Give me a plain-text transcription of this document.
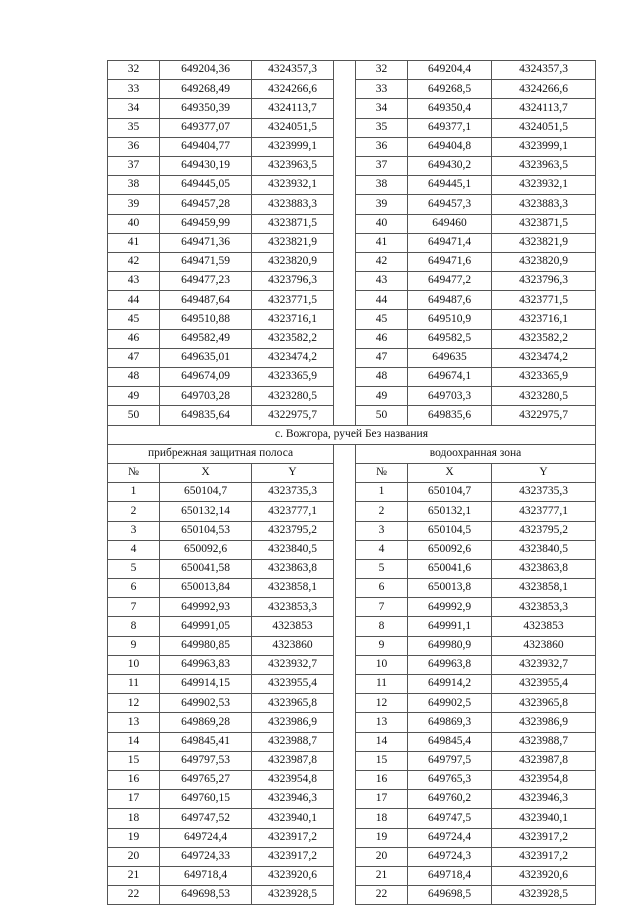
32	649204,36	4324357,3		32	649204,4	4324357,3
33	649268,49	4324266,6		33	649268,5	4324266,6
34	649350,39	4324113,7		34	649350,4	4324113,7
35	649377,07	4324051,5		35	649377,1	4324051,5
36	649404,77	4323999,1		36	649404,8	4323999,1
37	649430,19	4323963,5		37	649430,2	4323963,5
38	649445,05	4323932,1		38	649445,1	4323932,1
39	649457,28	4323883,3		39	649457,3	4323883,3
40	649459,99	4323871,5		40	649460	4323871,5
41	649471,36	4323821,9		41	649471,4	4323821,9
42	649471,59	4323820,9		42	649471,6	4323820,9
43	649477,23	4323796,3		43	649477,2	4323796,3
44	649487,64	4323771,5		44	649487,6	4323771,5
45	649510,88	4323716,1		45	649510,9	4323716,1
46	649582,49	4323582,2		46	649582,5	4323582,2
47	649635,01	4323474,2		47	649635	4323474,2
48	649674,09	4323365,9		48	649674,1	4323365,9
49	649703,28	4323280,5		49	649703,3	4323280,5
50	649835,64	4322975,7		50	649835,6	4322975,7
с. Вожгора, ручей Без названия						
прибрежная защитная полоса				водоохранная зона		
№	X	Y		№	X	Y
1	650104,7	4323735,3		1	650104,7	4323735,3
2	650132,14	4323777,1		2	650132,1	4323777,1
3	650104,53	4323795,2		3	650104,5	4323795,2
4	650092,6	4323840,5		4	650092,6	4323840,5
5	650041,58	4323863,8		5	650041,6	4323863,8
6	650013,84	4323858,1		6	650013,8	4323858,1
7	649992,93	4323853,3		7	649992,9	4323853,3
8	649991,05	4323853		8	649991,1	4323853
9	649980,85	4323860		9	649980,9	4323860
10	649963,83	4323932,7		10	649963,8	4323932,7
11	649914,15	4323955,4		11	649914,2	4323955,4
12	649902,53	4323965,8		12	649902,5	4323965,8
13	649869,28	4323986,9		13	649869,3	4323986,9
14	649845,41	4323988,7		14	649845,4	4323988,7
15	649797,53	4323987,8		15	649797,5	4323987,8
16	649765,27	4323954,8		16	649765,3	4323954,8
17	649760,15	4323946,3		17	649760,2	4323946,3
18	649747,52	4323940,1		18	649747,5	4323940,1
19	649724,4	4323917,2		19	649724,4	4323917,2
20	649724,33	4323917,2		20	649724,3	4323917,2
21	649718,4	4323920,6		21	649718,4	4323920,6
22	649698,53	4323928,5		22	649698,5	4323928,5
